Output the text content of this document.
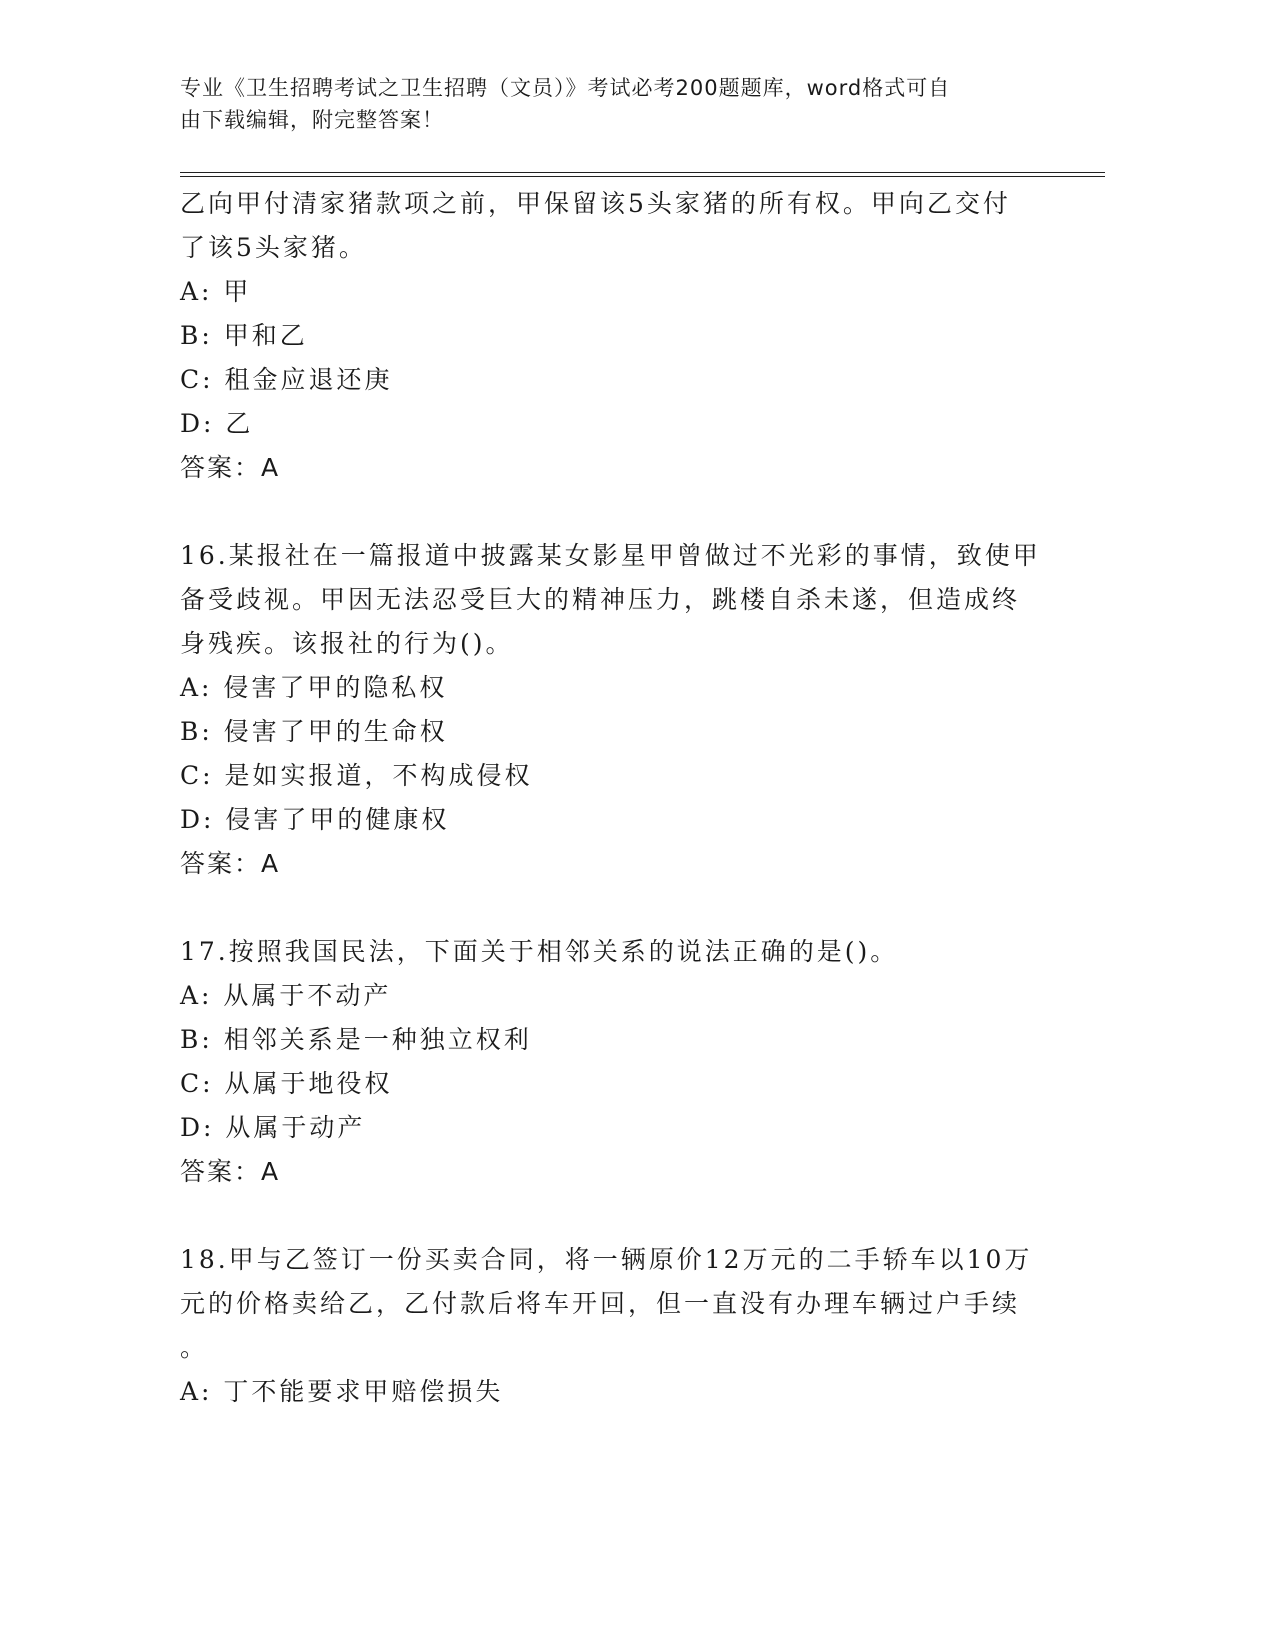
专业《卫生招聘考试之卫生招聘（文员）》考试必考200题题库，word格式可自
由下载编辑，附完整答案！
乙向甲付清家猪款项之前，甲保留该5头家猪的所有权。甲向乙交付
了该5头家猪。
A: 甲
B: 甲和乙
C: 租金应退还庚
D: 乙
答案：A
16.某报社在一篇报道中披露某女影星甲曾做过不光彩的事情，致使甲
备受歧视。甲因无法忍受巨大的精神压力，跳楼自杀未遂，但造成终
身残疾。该报社的行为()。
A: 侵害了甲的隐私权
B: 侵害了甲的生命权
C: 是如实报道，不构成侵权
D: 侵害了甲的健康权
答案：A
17.按照我国民法，下面关于相邻关系的说法正确的是()。
A: 从属于不动产
B: 相邻关系是一种独立权利
C: 从属于地役权
D: 从属于动产
答案：A
18.甲与乙签订一份买卖合同，将一辆原价12万元的二手轿车以10万
元的价格卖给乙，乙付款后将车开回，但一直没有办理车辆过户手续
。
A: 丁不能要求甲赔偿损失
